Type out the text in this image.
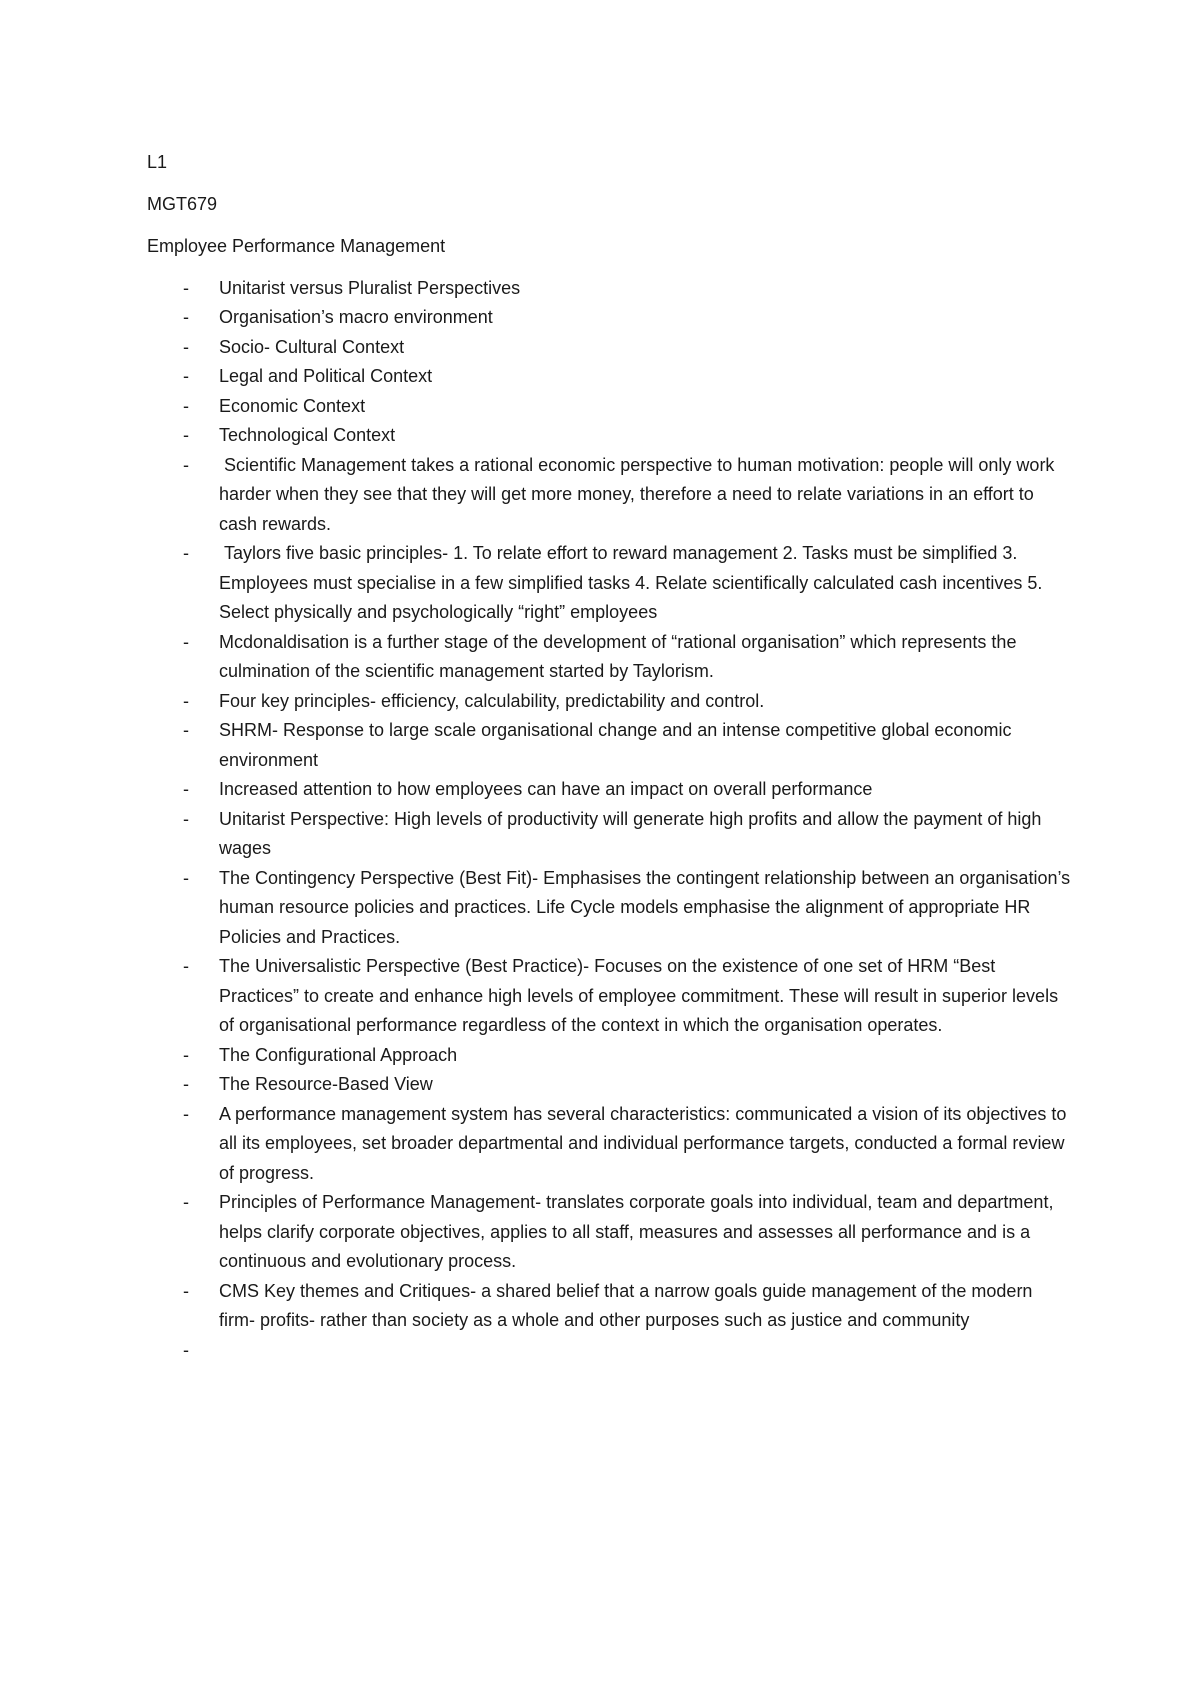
L1

MGT679

Employee Performance Management

- Unitarist versus Pluralist Perspectives
- Organisation’s macro environment
- Socio- Cultural Context
- Legal and Political Context
- Economic Context
- Technological Context
- Scientific Management takes a rational economic perspective to human motivation: people will only work harder when they see that they will get more money, therefore a need to relate variations in an effort to cash rewards.
- Taylors five basic principles- 1. To relate effort to reward management 2. Tasks must be simplified 3. Employees must specialise in a few simplified tasks 4. Relate scientifically calculated cash incentives 5. Select physically and psychologically “right” employees
- Mcdonaldisation is a further stage of the development of “rational organisation” which represents the culmination of the scientific management started by Taylorism.
- Four key principles- efficiency, calculability, predictability and control.
- SHRM- Response to large scale organisational change and an intense competitive global economic environment
- Increased attention to how employees can have an impact on overall performance
- Unitarist Perspective: High levels of productivity will generate high profits and allow the payment of high wages
- The Contingency Perspective (Best Fit)- Emphasises the contingent relationship between an organisation’s human resource policies and practices. Life Cycle models emphasise the alignment of appropriate HR Policies and Practices.
- The Universalistic Perspective (Best Practice)- Focuses on the existence of one set of HRM “Best Practices” to create and enhance high levels of employee commitment. These will result in superior levels of organisational performance regardless of the context in which the organisation operates.
- The Configurational Approach
- The Resource-Based View
- A performance management system has several characteristics: communicated a vision of its objectives to all its employees, set broader departmental and individual performance targets, conducted a formal review of progress.
- Principles of Performance Management- translates corporate goals into individual, team and department, helps clarify corporate objectives, applies to all staff, measures and assesses all performance and is a continuous and evolutionary process.
- CMS Key themes and Critiques- a shared belief that a narrow goals guide management of the modern firm- profits- rather than society as a whole and other purposes such as justice and community
-
